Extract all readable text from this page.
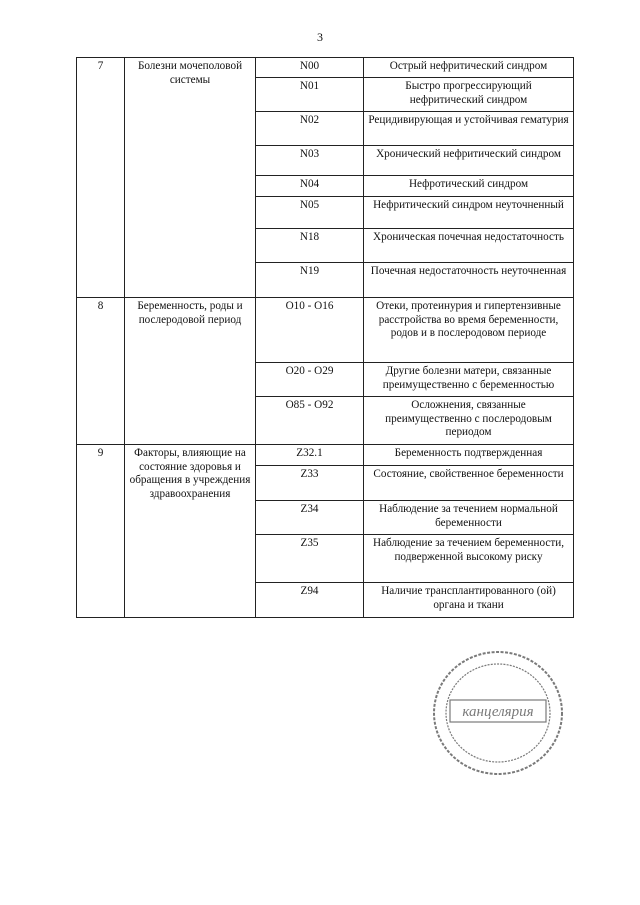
3
7	Болезни мочеполовой системы	N00	Острый нефритический синдром
		N01	Быстро прогрессирующий нефритический синдром
		N02	Рецидивирующая и устойчивая гематурия
		N03	Хронический нефритический синдром
		N04	Нефротический синдром
		N05	Нефритический синдром неуточненный
		N18	Хроническая почечная недостаточность
		N19	Почечная недостаточность неуточненная
8	Беременность, роды и послеродовой период	O10 - O16	Отеки, протеинурия и гипертензивные расстройства во время беременности, родов и в послеродовом периоде
		O20 - O29	Другие болезни матери, связанные преимущественно с беременностью
		O85 - O92	Осложнения, связанные преимущественно с послеродовым периодом
9	Факторы, влияющие на состояние здоровья и обращения в учреждения здравоохранения	Z32.1	Беременность подтвержденная
		Z33	Состояние, свойственное беременности
		Z34	Наблюдение за течением нормальной беременности
		Z35	Наблюдение за течением беременности, подверженной высокому риску
		Z94	Наличие трансплантированного (ой) органа и ткани
канцелярия
